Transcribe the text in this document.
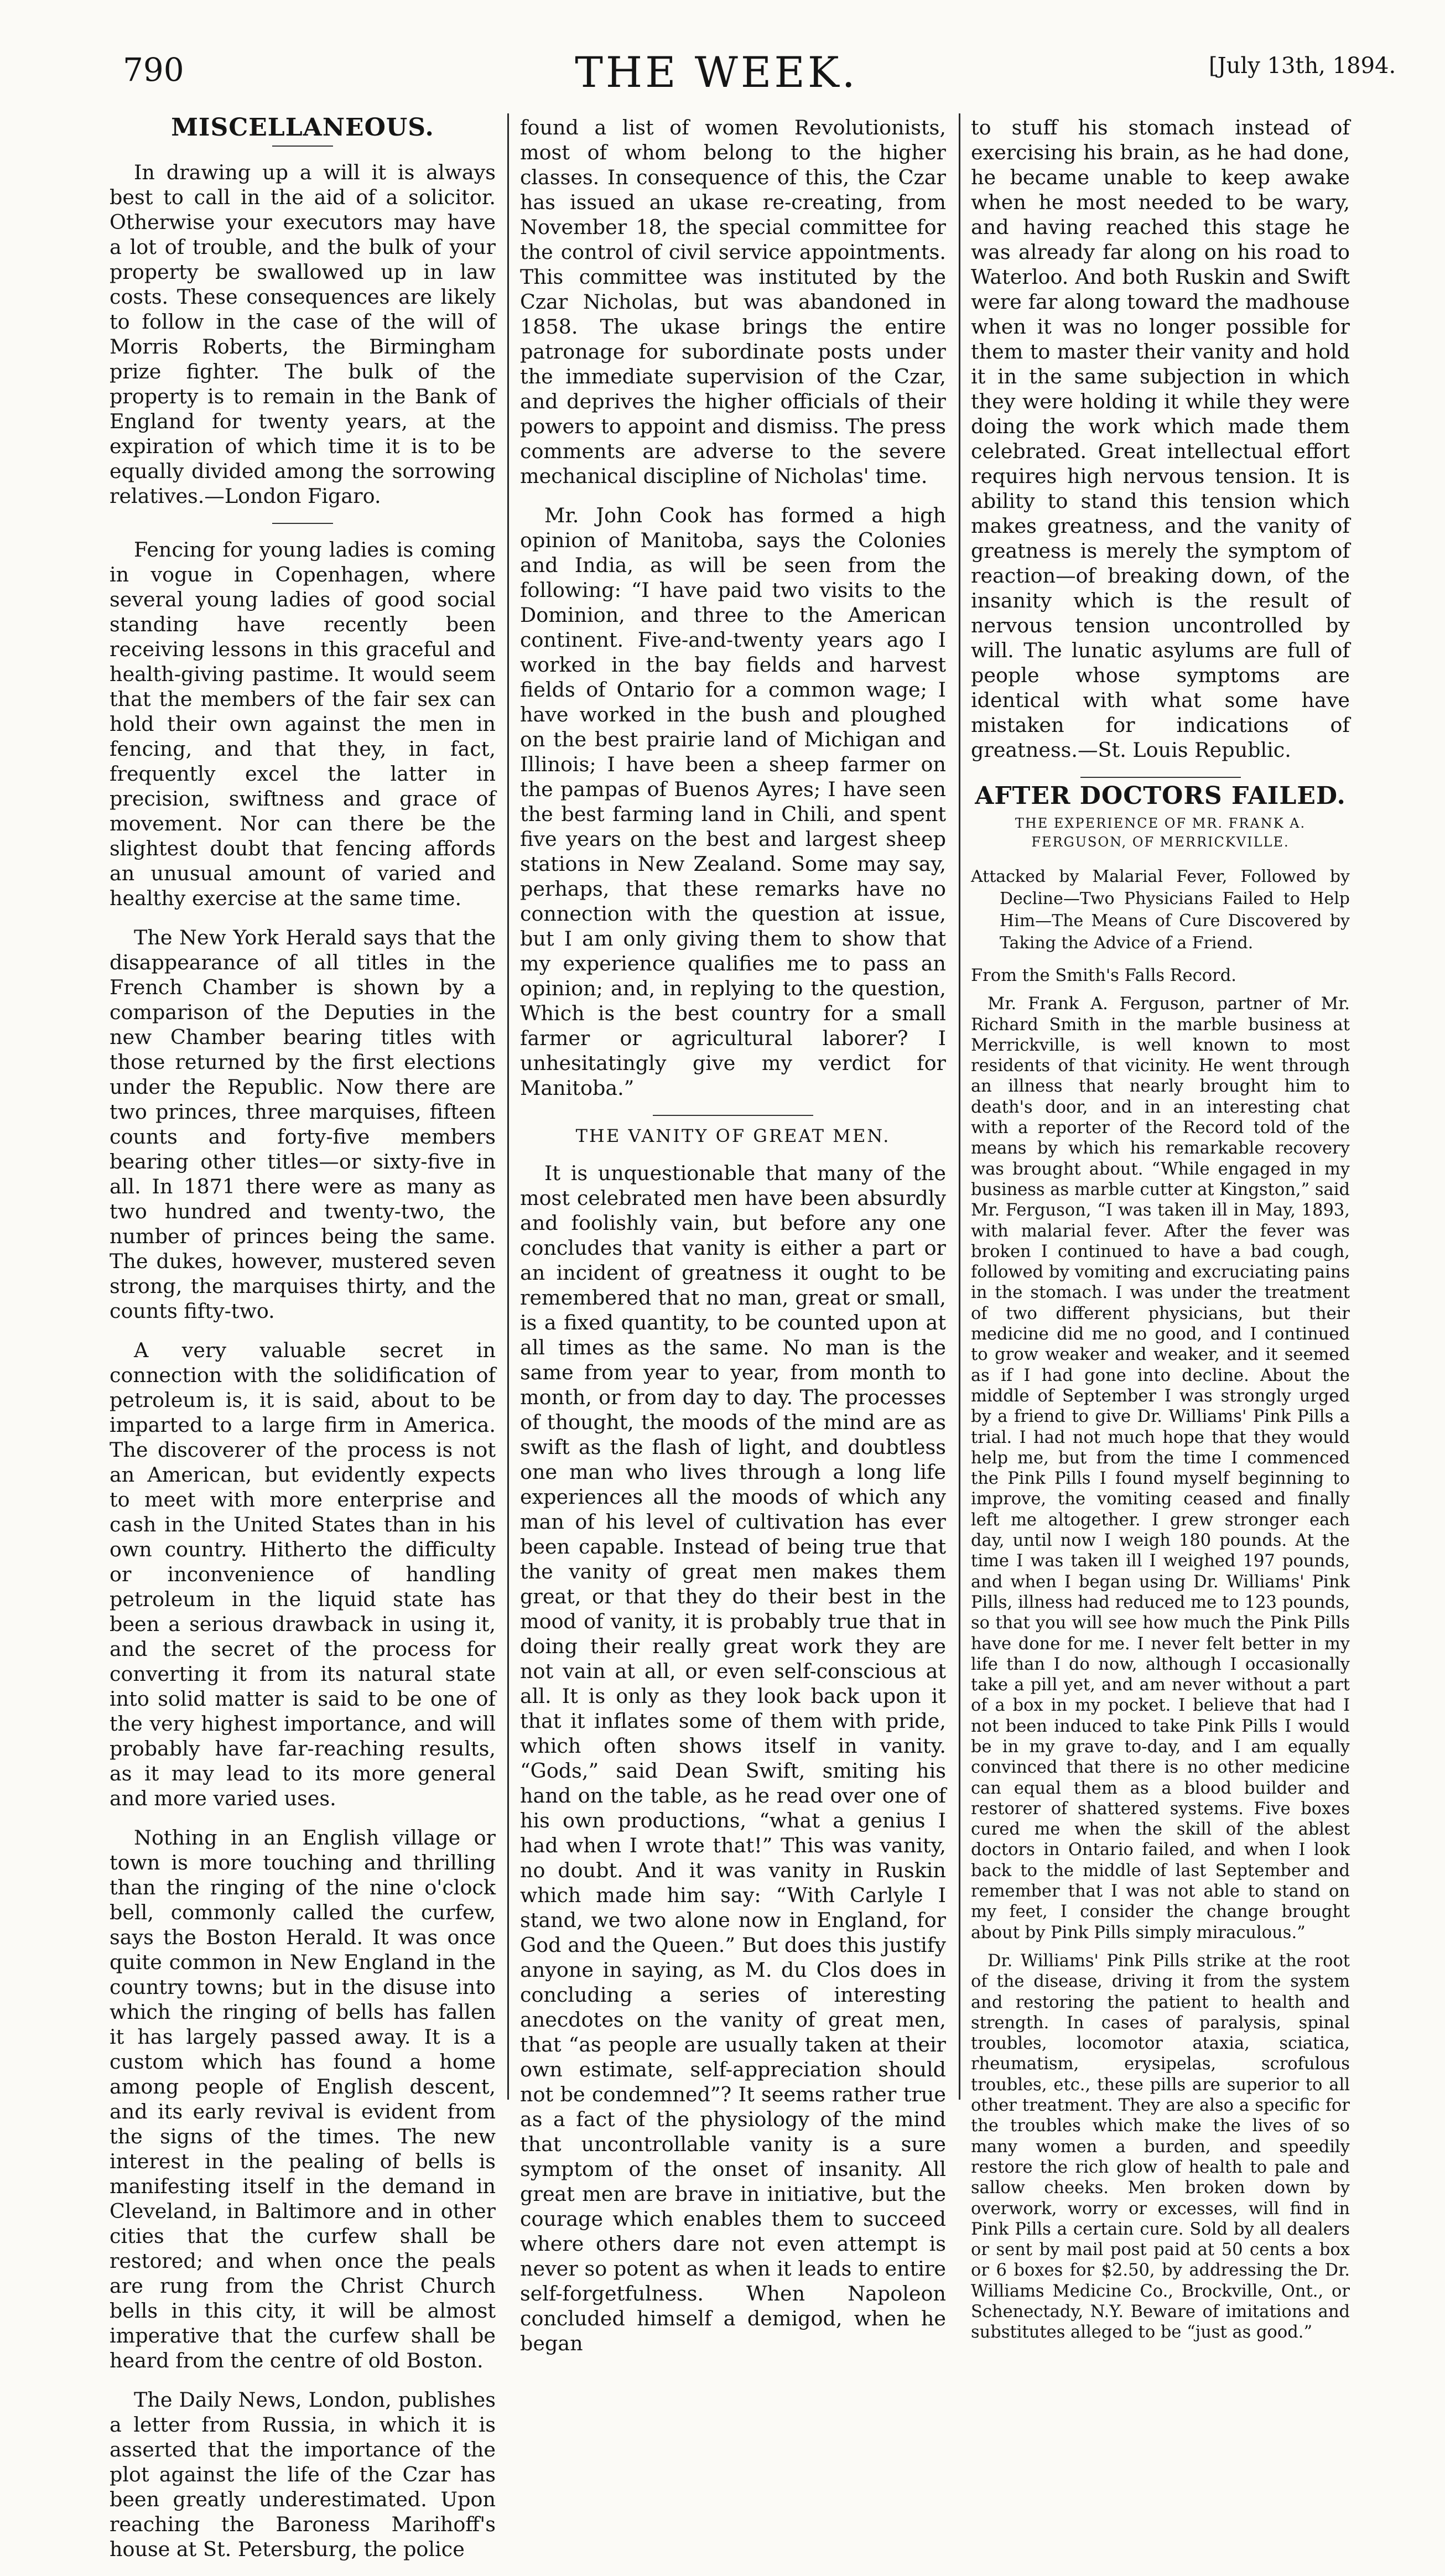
790	THE WEEK.	[July 13th, 1894.
MISCELLANEOUS.

In drawing up a will it is always best to call in the aid of a solicitor. Otherwise your executors may have a lot of trouble, and the bulk of your property be swallowed up in law costs. These consequences are likely to follow in the case of the will of Morris Roberts, the Birmingham prize fighter. The bulk of the property is to remain in the Bank of England for twenty years, at the expiration of which time it is to be equally divided among the sorrowing relatives.—London Figaro.

Fencing for young ladies is coming in vogue in Copenhagen, where several young ladies of good social standing have recently been receiving lessons in this graceful and health-giving pastime. It would seem that the members of the fair sex can hold their own against the men in fencing, and that they, in fact, frequently excel the latter in precision, swiftness and grace of movement. Nor can there be the slightest doubt that fencing affords an unusual amount of varied and healthy exercise at the same time.

The New York Herald says that the disappearance of all titles in the French Chamber is shown by a comparison of the Deputies in the new Chamber bearing titles with those returned by the first elections under the Republic. Now there are two princes, three marquises, fifteen counts and forty-five members bearing other titles—or sixty-five in all. In 1871 there were as many as two hundred and twenty-two, the number of princes being the same. The dukes, however, mustered seven strong, the marquises thirty, and the counts fifty-two.

A very valuable secret in connection with the solidification of petroleum is, it is said, about to be imparted to a large firm in America. The discoverer of the process is not an American, but evidently expects to meet with more enterprise and cash in the United States than in his own country. Hitherto the difficulty or inconvenience of handling petroleum in the liquid state has been a serious drawback in using it, and the secret of the process for converting it from its natural state into solid matter is said to be one of the very highest importance, and will probably have far-reaching results, as it may lead to its more general and more varied uses.

Nothing in an English village or town is more touching and thrilling than the ringing of the nine o'clock bell, commonly called the curfew, says the Boston Herald. It was once quite common in New England in the country towns; but in the disuse into which the ringing of bells has fallen it has largely passed away. It is a custom which has found a home among people of English descent, and its early revival is evident from the signs of the times. The new interest in the pealing of bells is manifesting itself in the demand in Cleveland, in Baltimore and in other cities that the curfew shall be restored; and when once the peals are rung from the Christ Church bells in this city, it will be almost imperative that the curfew shall be heard from the centre of old Boston.

The Daily News, London, publishes a letter from Russia, in which it is asserted that the importance of the plot against the life of the Czar has been greatly underestimated. Upon reaching the Baroness Marihoff's house at St. Petersburg, the police

found a list of women Revolutionists, most of whom belong to the higher classes. In consequence of this, the Czar has issued an ukase re-creating, from November 18, the special committee for the control of civil service appointments. This committee was instituted by the Czar Nicholas, but was abandoned in 1858. The ukase brings the entire patronage for subordinate posts under the immediate supervision of the Czar, and deprives the higher officials of their powers to appoint and dismiss. The press comments are adverse to the severe mechanical discipline of Nicholas' time.

Mr. John Cook has formed a high opinion of Manitoba, says the Colonies and India, as will be seen from the following: “I have paid two visits to the Dominion, and three to the American continent. Five-and-twenty years ago I worked in the bay fields and harvest fields of Ontario for a common wage; I have worked in the bush and ploughed on the best prairie land of Michigan and Illinois; I have been a sheep farmer on the pampas of Buenos Ayres; I have seen the best farming land in Chili, and spent five years on the best and largest sheep stations in New Zealand. Some may say, perhaps, that these remarks have no connection with the question at issue, but I am only giving them to show that my experience qualifies me to pass an opinion; and, in replying to the question, Which is the best country for a small farmer or agricultural laborer? I unhesitatingly give my verdict for Manitoba.”

THE VANITY OF GREAT MEN.

It is unquestionable that many of the most celebrated men have been absurdly and foolishly vain, but before any one concludes that vanity is either a part or an incident of greatness it ought to be remembered that no man, great or small, is a fixed quantity, to be counted upon at all times as the same. No man is the same from year to year, from month to month, or from day to day. The processes of thought, the moods of the mind are as swift as the flash of light, and doubtless one man who lives through a long life experiences all the moods of which any man of his level of cultivation has ever been capable. Instead of being true that the vanity of great men makes them great, or that they do their best in the mood of vanity, it is probably true that in doing their really great work they are not vain at all, or even self-conscious at all. It is only as they look back upon it that it inflates some of them with pride, which often shows itself in vanity. “Gods,” said Dean Swift, smiting his hand on the table, as he read over one of his own productions, “what a genius I had when I wrote that!” This was vanity, no doubt. And it was vanity in Ruskin which made him say: “With Carlyle I stand, we two alone now in England, for God and the Queen.” But does this justify anyone in saying, as M. du Clos does in concluding a series of interesting anecdotes on the vanity of great men, that “as people are usually taken at their own estimate, self-appreciation should not be condemned”? It seems rather true as a fact of the physiology of the mind that uncontrollable vanity is a sure symptom of the onset of insanity. All great men are brave in initiative, but the courage which enables them to succeed where others dare not even attempt is never so potent as when it leads to entire self-forgetfulness. When Napoleon concluded himself a demigod, when he began

to stuff his stomach instead of exercising his brain, as he had done, he became unable to keep awake when he most needed to be wary, and having reached this stage he was already far along on his road to Waterloo. And both Ruskin and Swift were far along toward the madhouse when it was no longer possible for them to master their vanity and hold it in the same subjection in which they were holding it while they were doing the work which made them celebrated. Great intellectual effort requires high nervous tension. It is ability to stand this tension which makes greatness, and the vanity of greatness is merely the symptom of reaction—of breaking down, of the insanity which is the result of nervous tension uncontrolled by will. The lunatic asylums are full of people whose symptoms are identical with what some have mistaken for indications of greatness.—St. Louis Republic.

AFTER DOCTORS FAILED.
THE EXPERIENCE OF MR. FRANK A. FERGUSON, OF MERRICKVILLE.

Attacked by Malarial Fever, Followed by Decline—Two Physicians Failed to Help Him—The Means of Cure Discovered by Taking the Advice of a Friend.

From the Smith's Falls Record.

Mr. Frank A. Ferguson, partner of Mr. Richard Smith in the marble business at Merrickville, is well known to most residents of that vicinity. He went through an illness that nearly brought him to death's door, and in an interesting chat with a reporter of the Record told of the means by which his remarkable recovery was brought about. “While engaged in my business as marble cutter at Kingston,” said Mr. Ferguson, “I was taken ill in May, 1893, with malarial fever. After the fever was broken I continued to have a bad cough, followed by vomiting and excruciating pains in the stomach. I was under the treatment of two different physicians, but their medicine did me no good, and I continued to grow weaker and weaker, and it seemed as if I had gone into decline. About the middle of September I was strongly urged by a friend to give Dr. Williams' Pink Pills a trial. I had not much hope that they would help me, but from the time I commenced the Pink Pills I found myself beginning to improve, the vomiting ceased and finally left me altogether. I grew stronger each day, until now I weigh 180 pounds. At the time I was taken ill I weighed 197 pounds, and when I began using Dr. Williams' Pink Pills, illness had reduced me to 123 pounds, so that you will see how much the Pink Pills have done for me. I never felt better in my life than I do now, although I occasionally take a pill yet, and am never without a part of a box in my pocket. I believe that had I not been induced to take Pink Pills I would be in my grave to-day, and I am equally convinced that there is no other medicine can equal them as a blood builder and restorer of shattered systems. Five boxes cured me when the skill of the ablest doctors in Ontario failed, and when I look back to the middle of last September and remember that I was not able to stand on my feet, I consider the change brought about by Pink Pills simply miraculous.”

Dr. Williams' Pink Pills strike at the root of the disease, driving it from the system and restoring the patient to health and strength. In cases of paralysis, spinal troubles, locomotor ataxia, sciatica, rheumatism, erysipelas, scrofulous troubles, etc., these pills are superior to all other treatment. They are also a specific for the troubles which make the lives of so many women a burden, and speedily restore the rich glow of health to pale and sallow cheeks. Men broken down by overwork, worry or excesses, will find in Pink Pills a certain cure. Sold by all dealers or sent by mail post paid at 50 cents a box or 6 boxes for $2.50, by addressing the Dr. Williams Medicine Co., Brockville, Ont., or Schenectady, N.Y. Beware of imitations and substitutes alleged to be “just as good.”
